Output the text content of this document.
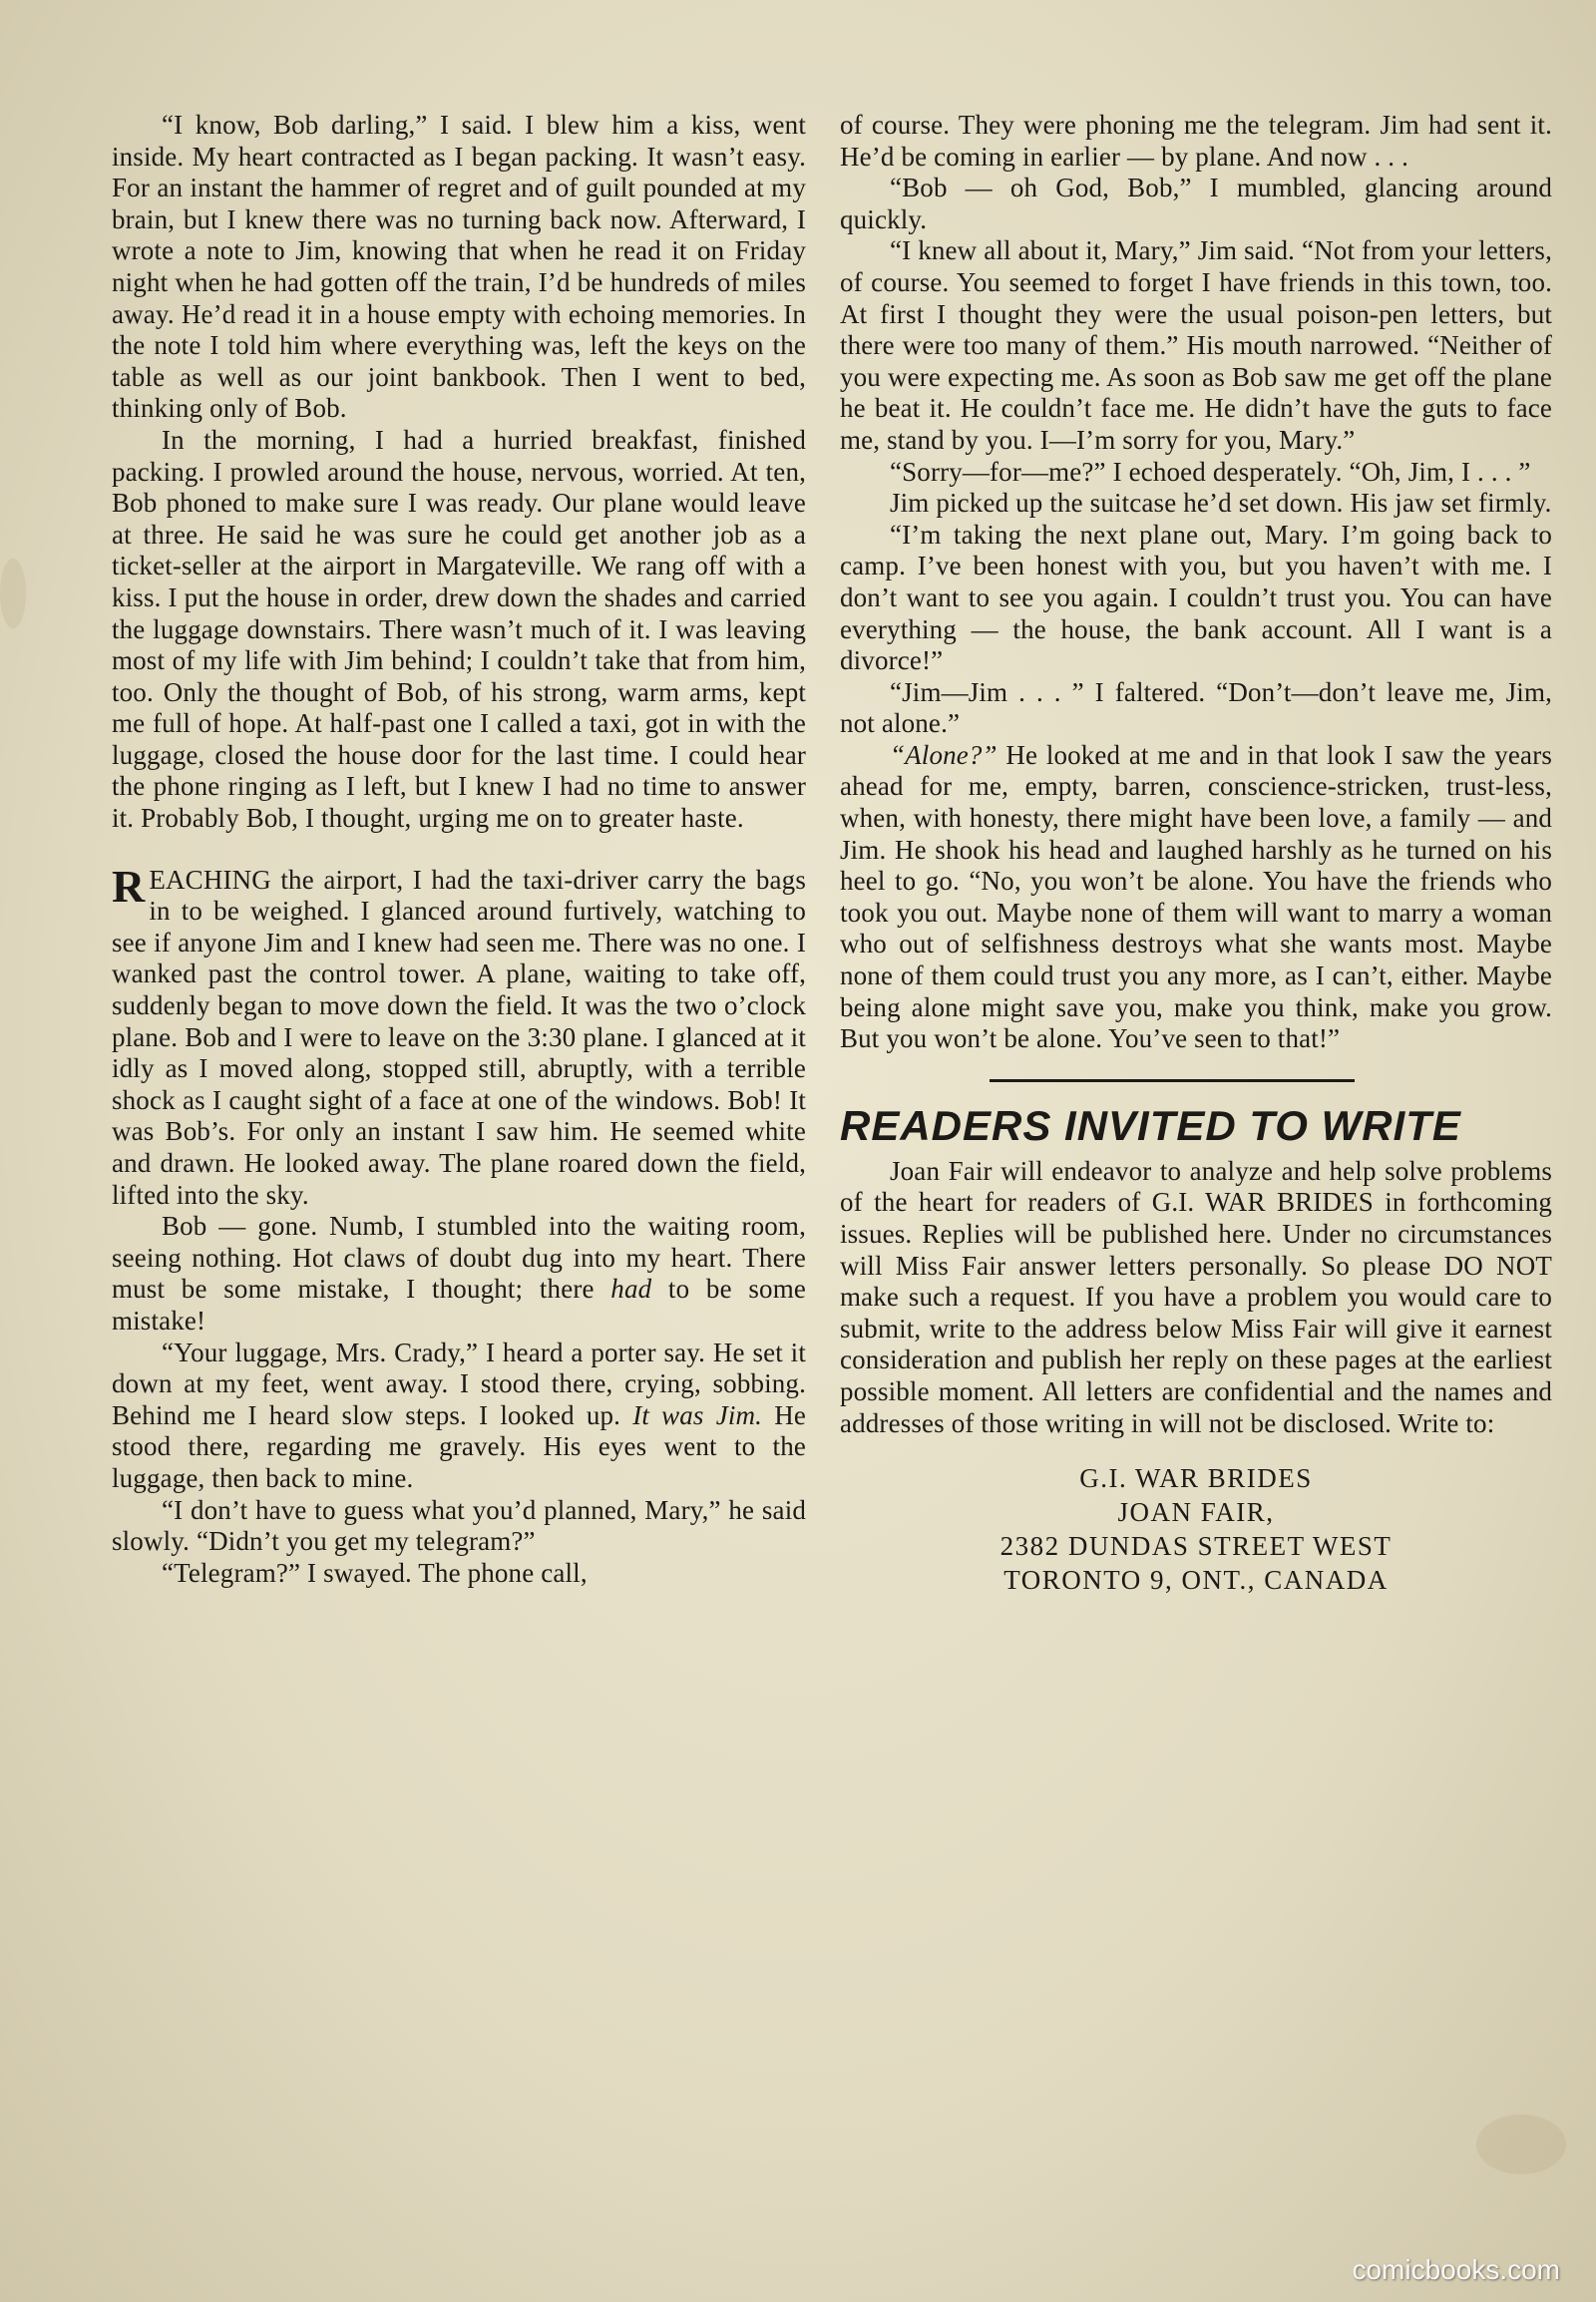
“I know, Bob darling,” I said. I blew him a kiss, went inside. My heart contracted as I began packing. It wasn’t easy. For an instant the hammer of regret and of guilt pounded at my brain, but I knew there was no turning back now. Afterward, I wrote a note to Jim, knowing that when he read it on Friday night when he had gotten off the train, I’d be hundreds of miles away. He’d read it in a house empty with echoing memories. In the note I told him where everything was, left the keys on the table as well as our joint bankbook. Then I went to bed, thinking only of Bob.

In the morning, I had a hurried breakfast, finished packing. I prowled around the house, nervous, worried. At ten, Bob phoned to make sure I was ready. Our plane would leave at three. He said he was sure he could get another job as a ticket-seller at the airport in Margateville. We rang off with a kiss. I put the house in order, drew down the shades and carried the luggage downstairs. There wasn’t much of it. I was leaving most of my life with Jim behind; I couldn’t take that from him, too. Only the thought of Bob, of his strong, warm arms, kept me full of hope. At half-past one I called a taxi, got in with the luggage, closed the house door for the last time. I could hear the phone ringing as I left, but I knew I had no time to answer it. Probably Bob, I thought, urging me on to greater haste.

REACHING the airport, I had the taxi-driver carry the bags in to be weighed. I glanced around furtively, watching to see if anyone Jim and I knew had seen me. There was no one. I wanked past the control tower. A plane, waiting to take off, suddenly began to move down the field. It was the two o’clock plane. Bob and I were to leave on the 3:30 plane. I glanced at it idly as I moved along, stopped still, abruptly, with a terrible shock as I caught sight of a face at one of the windows. Bob! It was Bob’s. For only an instant I saw him. He seemed white and drawn. He looked away. The plane roared down the field, lifted into the sky.

Bob — gone. Numb, I stumbled into the waiting room, seeing nothing. Hot claws of doubt dug into my heart. There must be some mistake, I thought; there had to be some mistake!

“Your luggage, Mrs. Crady,” I heard a porter say. He set it down at my feet, went away. I stood there, crying, sobbing. Behind me I heard slow steps. I looked up. It was Jim. He stood there, regarding me gravely. His eyes went to the luggage, then back to mine.

“I don’t have to guess what you’d planned, Mary,” he said slowly. “Didn’t you get my telegram?”

“Telegram?” I swayed. The phone call,

of course. They were phoning me the telegram. Jim had sent it. He’d be coming in earlier — by plane. And now . . .

“Bob — oh God, Bob,” I mumbled, glancing around quickly.

“I knew all about it, Mary,” Jim said. “Not from your letters, of course. You seemed to forget I have friends in this town, too. At first I thought they were the usual poison-pen letters, but there were too many of them.” His mouth narrowed. “Neither of you were expecting me. As soon as Bob saw me get off the plane he beat it. He couldn’t face me. He didn’t have the guts to face me, stand by you. I—I’m sorry for you, Mary.”

“Sorry—for—me?” I echoed desperately. “Oh, Jim, I . . . ”

Jim picked up the suitcase he’d set down. His jaw set firmly.

“I’m taking the next plane out, Mary. I’m going back to camp. I’ve been honest with you, but you haven’t with me. I don’t want to see you again. I couldn’t trust you. You can have everything — the house, the bank account. All I want is a divorce!”

“Jim—Jim . . . ” I faltered. “Don’t—don’t leave me, Jim, not alone.”

“Alone?” He looked at me and in that look I saw the years ahead for me, empty, barren, conscience-stricken, trust-less, when, with honesty, there might have been love, a family — and Jim. He shook his head and laughed harshly as he turned on his heel to go. “No, you won’t be alone. You have the friends who took you out. Maybe none of them will want to marry a woman who out of selfishness destroys what she wants most. Maybe none of them could trust you any more, as I can’t, either. Maybe being alone might save you, make you think, make you grow. But you won’t be alone. You’ve seen to that!”

READERS INVITED TO WRITE

Joan Fair will endeavor to analyze and help solve problems of the heart for readers of G.I. WAR BRIDES in forthcoming issues. Replies will be published here. Under no circumstances will Miss Fair answer letters personally. So please DO NOT make such a request. If you have a problem you would care to submit, write to the address below Miss Fair will give it earnest consideration and publish her reply on these pages at the earliest possible moment. All letters are confidential and the names and addresses of those writing in will not be disclosed. Write to:

G.I. WAR BRIDES
JOAN FAIR,
2382 DUNDAS STREET WEST
TORONTO 9, ONT., CANADA
comicbooks.com
